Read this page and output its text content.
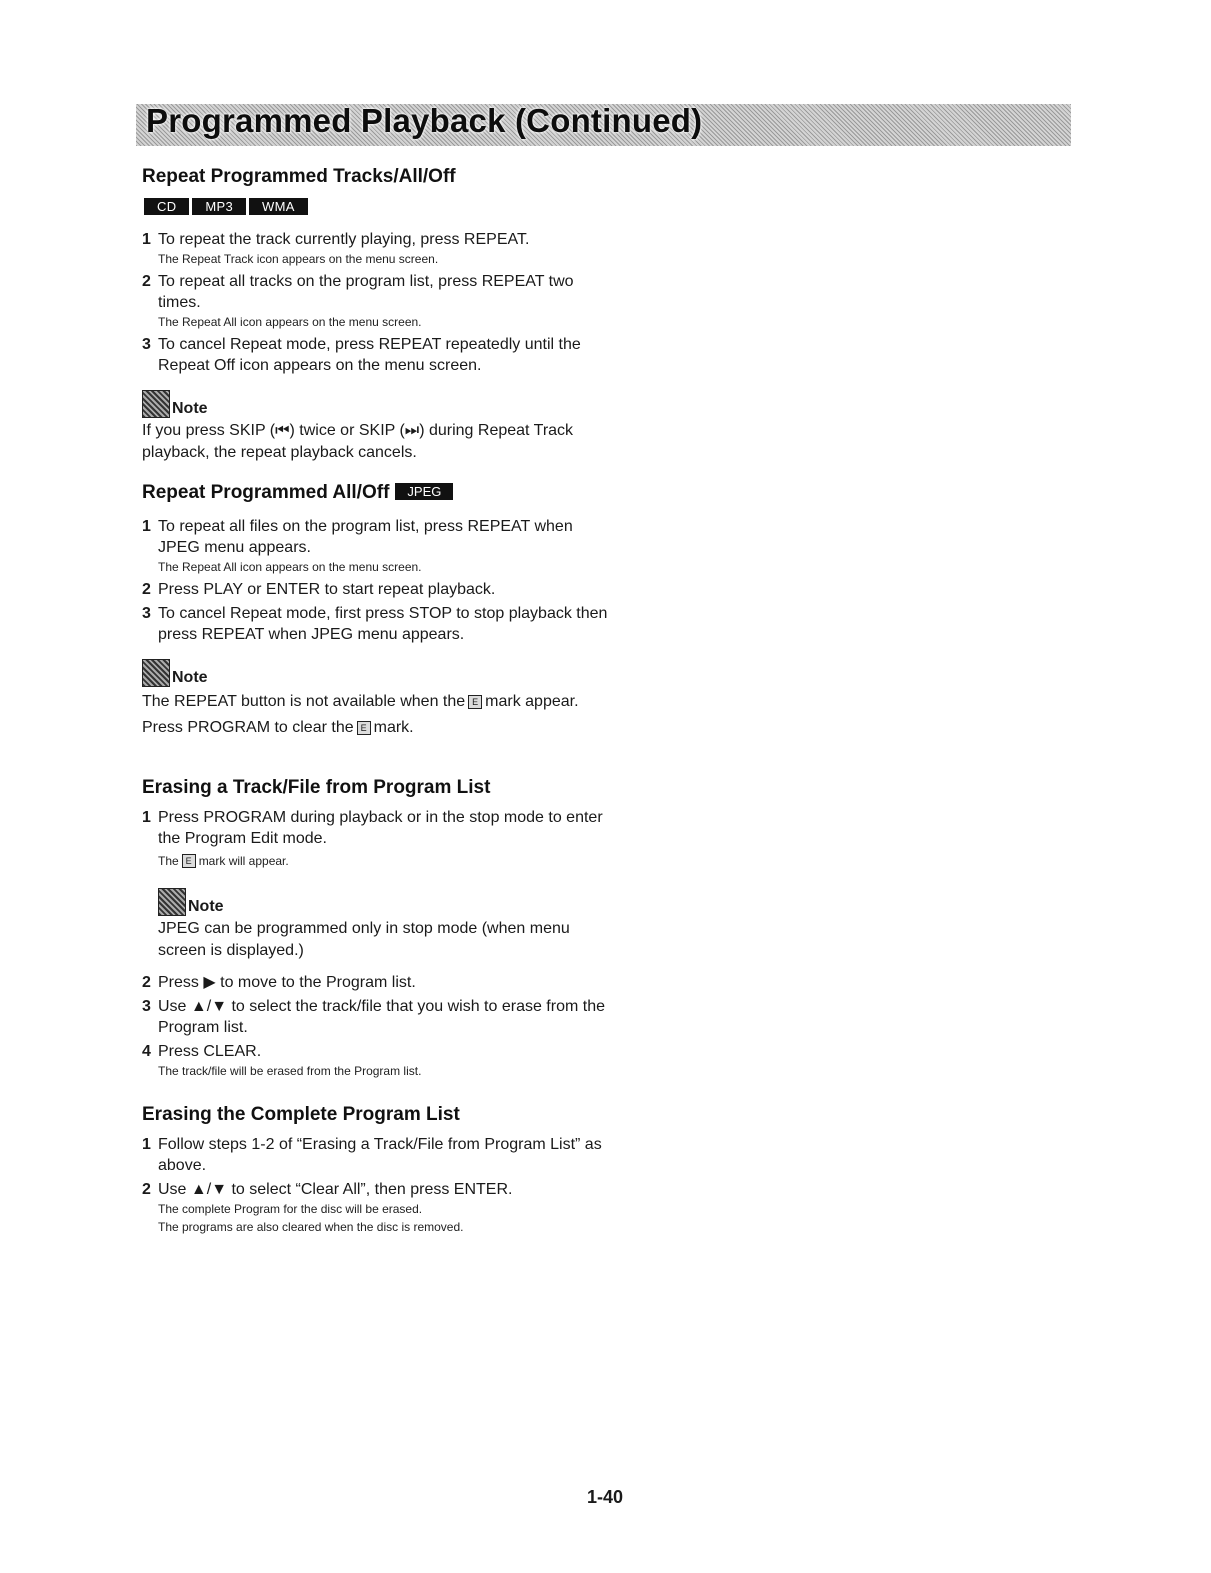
Programmed Playback (Continued)
Repeat Programmed Tracks/All/Off
CD	MP3	WMA
1 To repeat the track currently playing, press REPEAT.
The Repeat Track icon appears on the menu screen.
2 To repeat all tracks on the program list, press REPEAT two times.
The Repeat All icon appears on the menu screen.
3 To cancel Repeat mode, press REPEAT repeatedly until the Repeat Off icon appears on the menu screen.
Note
If you press SKIP (⏮) twice or SKIP (⏭) during Repeat Track playback, the repeat playback cancels.
Repeat Programmed All/Off JPEG
1 To repeat all files on the program list, press REPEAT when JPEG menu appears.
The Repeat All icon appears on the menu screen.
2 Press PLAY or ENTER to start repeat playback.
3 To cancel Repeat mode, first press STOP to stop playback then press REPEAT when JPEG menu appears.
Note
The REPEAT button is not available when the E mark appear. Press PROGRAM to clear the E mark.
Erasing a Track/File from Program List
1 Press PROGRAM during playback or in the stop mode to enter the Program Edit mode.
The E mark will appear.
Note
JPEG can be programmed only in stop mode (when menu screen is displayed.)
2 Press ▶ to move to the Program list.
3 Use ▲/▼ to select the track/file that you wish to erase from the Program list.
4 Press CLEAR.
The track/file will be erased from the Program list.
Erasing the Complete Program List
1 Follow steps 1-2 of “Erasing a Track/File from Program List” as above.
2 Use ▲/▼ to select “Clear All”, then press ENTER.
The complete Program for the disc will be erased.
The programs are also cleared when the disc is removed.
1-40
